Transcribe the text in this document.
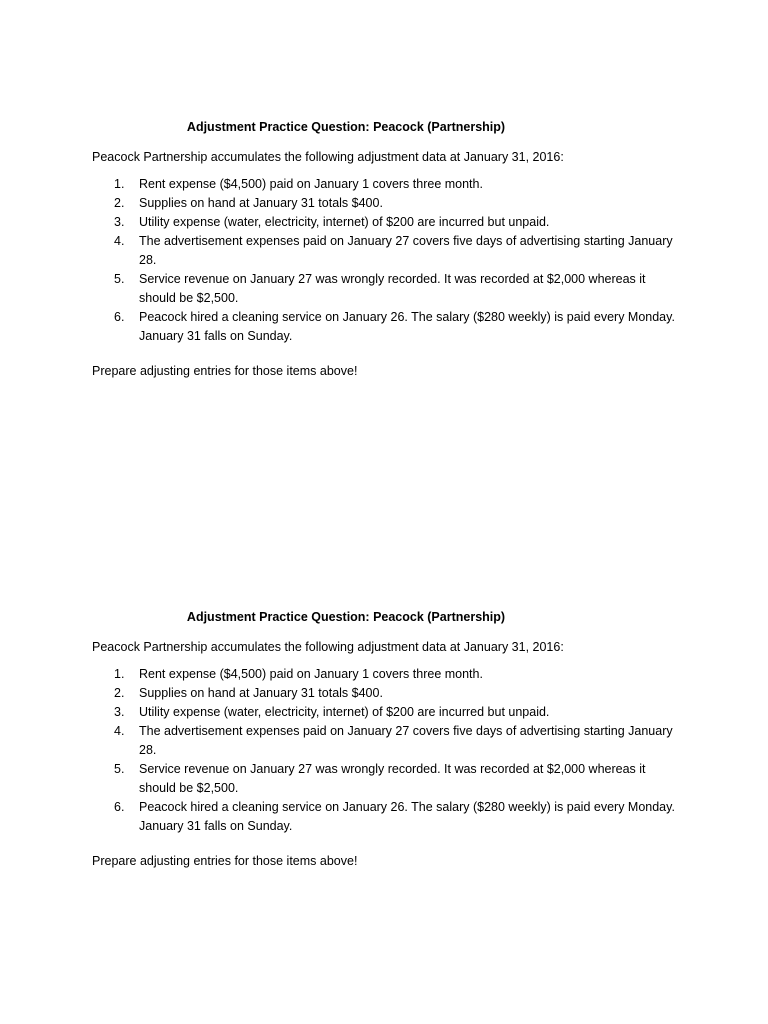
Adjustment Practice Question: Peacock (Partnership)

Peacock Partnership accumulates the following adjustment data at January 31, 2016:

1. Rent expense ($4,500) paid on January 1 covers three month.
2. Supplies on hand at January 31 totals $400.
3. Utility expense (water, electricity, internet) of $200 are incurred but unpaid.
4. The advertisement expenses paid on January 27 covers five days of advertising starting January 28.
5. Service revenue on January 27 was wrongly recorded. It was recorded at $2,000 whereas it should be $2,500.
6. Peacock hired a cleaning service on January 26. The salary ($280 weekly) is paid every Monday. January 31 falls on Sunday.

Prepare adjusting entries for those items above!

Adjustment Practice Question: Peacock (Partnership)

Peacock Partnership accumulates the following adjustment data at January 31, 2016:

1. Rent expense ($4,500) paid on January 1 covers three month.
2. Supplies on hand at January 31 totals $400.
3. Utility expense (water, electricity, internet) of $200 are incurred but unpaid.
4. The advertisement expenses paid on January 27 covers five days of advertising starting January 28.
5. Service revenue on January 27 was wrongly recorded. It was recorded at $2,000 whereas it should be $2,500.
6. Peacock hired a cleaning service on January 26. The salary ($280 weekly) is paid every Monday. January 31 falls on Sunday.

Prepare adjusting entries for those items above!
